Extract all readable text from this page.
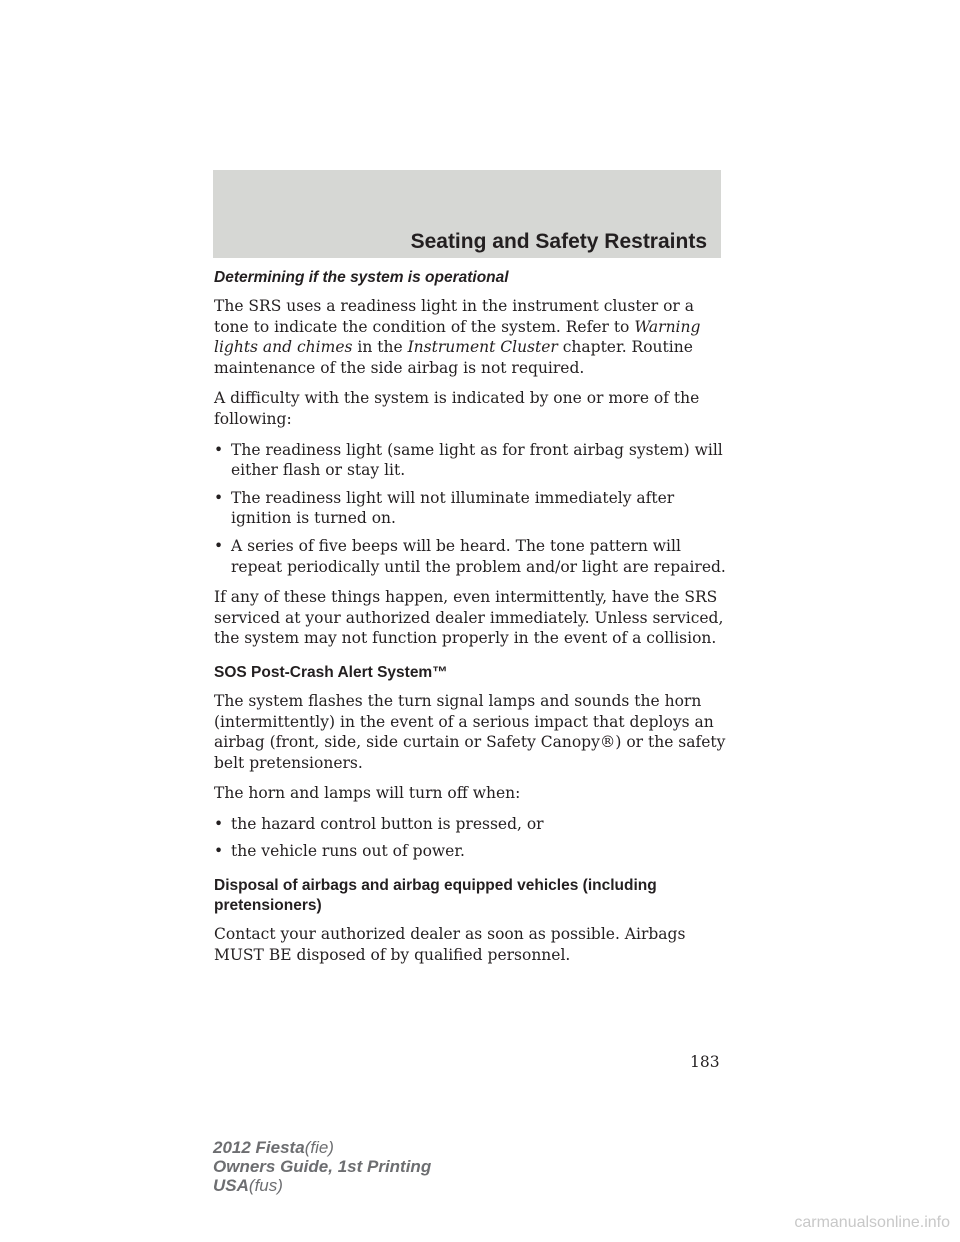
Seating and Safety Restraints
Determining if the system is operational

The SRS uses a readiness light in the instrument cluster or a tone to indicate the condition of the system. Refer to Warning lights and chimes in the Instrument Cluster chapter. Routine maintenance of the side airbag is not required.

A difficulty with the system is indicated by one or more of the following:

• The readiness light (same light as for front airbag system) will either flash or stay lit.
• The readiness light will not illuminate immediately after ignition is turned on.
• A series of five beeps will be heard. The tone pattern will repeat periodically until the problem and/or light are repaired.

If any of these things happen, even intermittently, have the SRS serviced at your authorized dealer immediately. Unless serviced, the system may not function properly in the event of a collision.

SOS Post-Crash Alert System™

The system flashes the turn signal lamps and sounds the horn (intermittently) in the event of a serious impact that deploys an airbag (front, side, side curtain or Safety Canopy®) or the safety belt pretensioners.

The horn and lamps will turn off when:

• the hazard control button is pressed, or
• the vehicle runs out of power.
Disposal of airbags and airbag equipped vehicles (including pretensioners)

Contact your authorized dealer as soon as possible. Airbags MUST BE disposed of by qualified personnel.

183
2012 Fiesta(fie)
Owners Guide, 1st Printing
USA(fus)
carmanualsonline.info
